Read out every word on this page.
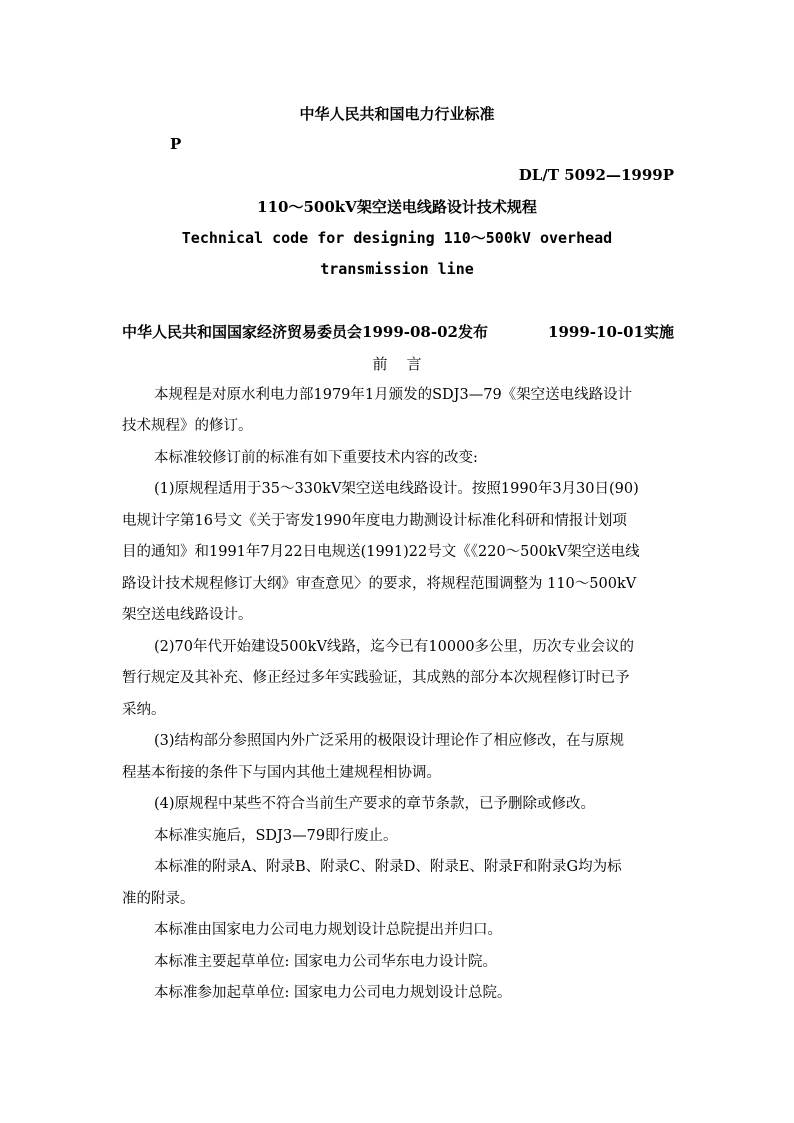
中华人民共和国电力行业标准
P
DL/T 5092—1999P
110～500kV架空送电线路设计技术规程
Technical code for designing 110～500kV overhead
transmission line
中华人民共和国国家经济贸易委员会1999-08-02发布	1999-10-01实施
前    言
本规程是对原水利电力部1979年1月颁发的SDJ3—79《架空送电线路设计
技术规程》的修订。
本标准较修订前的标准有如下重要技术内容的改变:
(1)原规程适用于35～330kV架空送电线路设计。按照1990年3月30日(90)
电规计字第16号文《关于寄发1990年度电力勘测设计标准化科研和情报计划项
目的通知》和1991年7月22日电规送(1991)22号文《《220～500kV架空送电线
路设计技术规程修订大纲》审查意见〉的要求，将规程范围调整为 110～500kV
架空送电线路设计。
(2)70年代开始建设500kV线路，迄今已有10000多公里，历次专业会议的
暂行规定及其补充、修正经过多年实践验证，其成熟的部分本次规程修订时已予
采纳。
(3)结构部分参照国内外广泛采用的极限设计理论作了相应修改，在与原规
程基本衔接的条件下与国内其他土建规程相协调。
(4)原规程中某些不符合当前生产要求的章节条款，已予删除或修改。
本标准实施后，SDJ3—79即行废止。
本标准的附录A、附录B、附录C、附录D、附录E、附录F和附录G均为标
准的附录。
本标准由国家电力公司电力规划设计总院提出并归口。
本标准主要起草单位: 国家电力公司华东电力设计院。
本标准参加起草单位: 国家电力公司电力规划设计总院。
